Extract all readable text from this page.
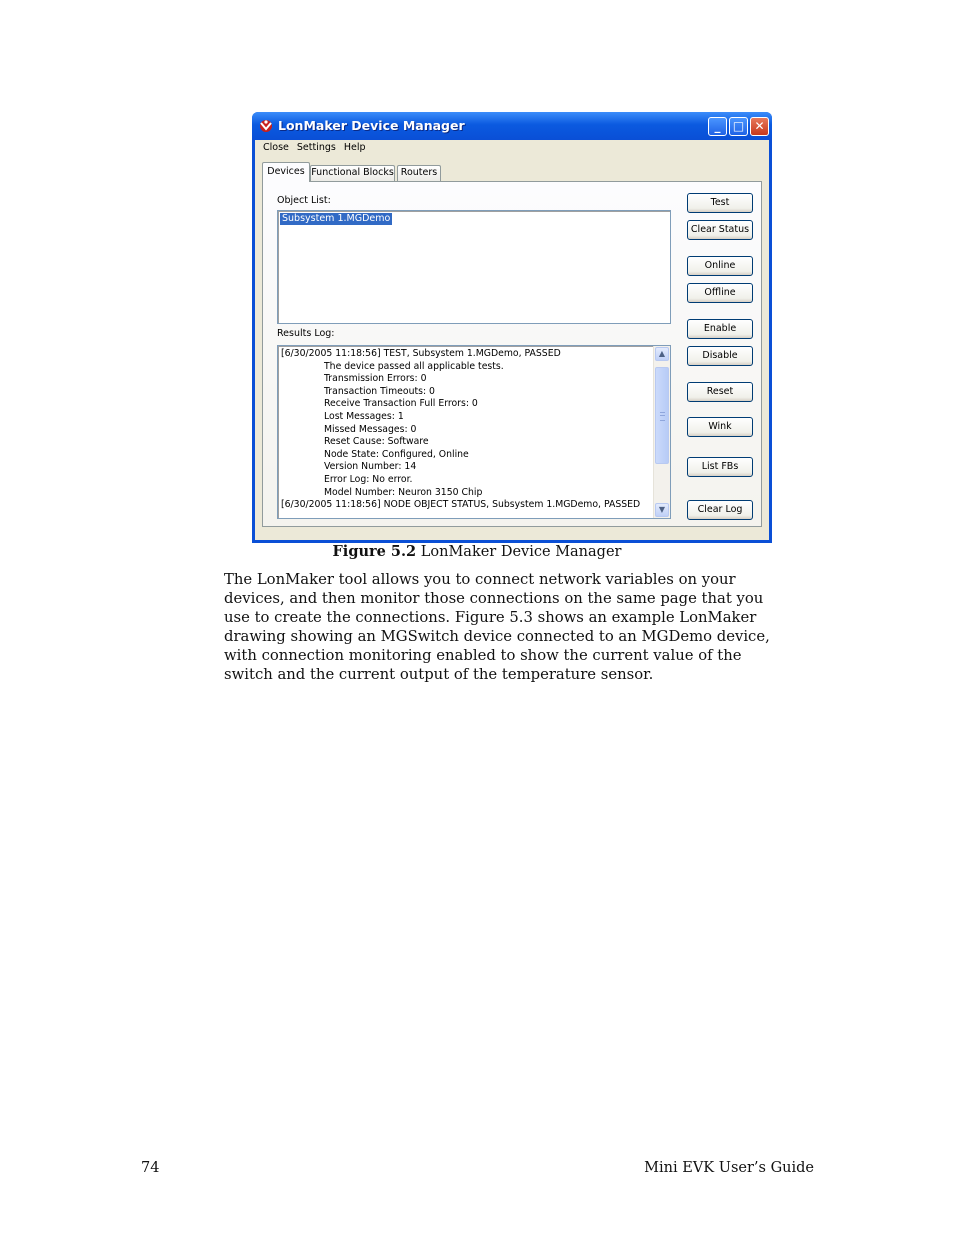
LonMaker Device Manager	_	□ ✕
Close Settings Help
Devices Functional Blocks Routers
Object List:
Subsystem 1.MGDemo
Results Log:
[6/30/2005 11:18:56] TEST, Subsystem 1.MGDemo, PASSED
The device passed all applicable tests.
Transmission Errors: 0
Transaction Timeouts: 0
Receive Transaction Full Errors: 0
Lost Messages: 1
Missed Messages: 0
Reset Cause: Software
Node State: Configured, Online
Version Number: 14
Error Log: No error.
Model Number: Neuron 3150 Chip
[6/30/2005 11:18:56] NODE OBJECT STATUS, Subsystem 1.MGDemo, PASSED
▲
▼
Test
Clear Status
Online
Offline
Enable
Disable
Reset
Wink
List FBs
Clear Log
Figure 5.2 LonMaker Device Manager

The LonMaker tool allows you to connect network variables on your devices, and then monitor those connections on the same page that you use to create the connections. Figure 5.3 shows an example LonMaker drawing showing an MGSwitch device connected to an MGDemo device, with connection monitoring enabled to show the current value of the switch and the current output of the temperature sensor.

74	Mini EVK User’s Guide
